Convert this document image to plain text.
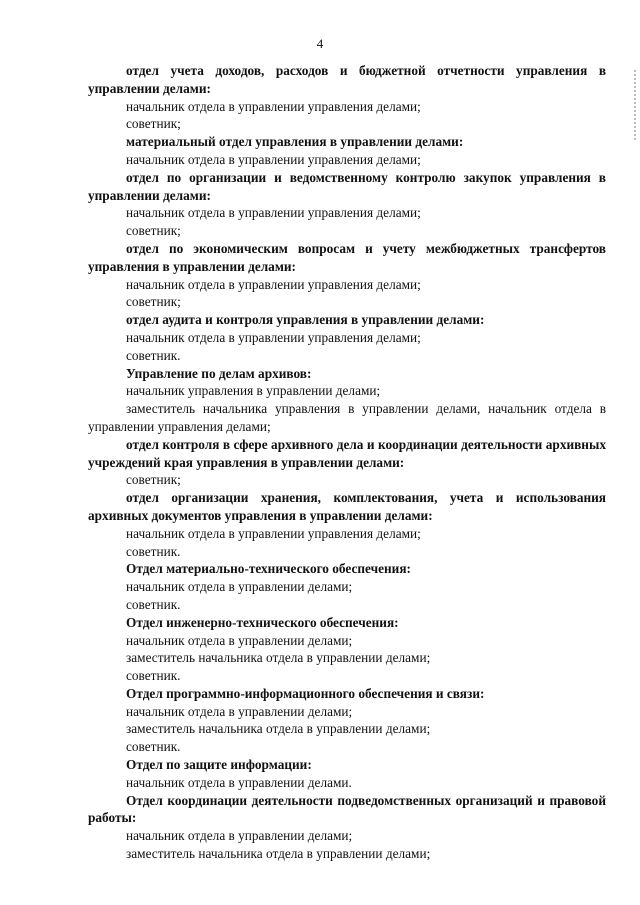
4

отдел учета доходов, расходов и бюджетной отчетности управления в управлении делами:

начальник отдела в управлении управления делами;

советник;

материальный отдел управления в управлении делами:

начальник отдела в управлении управления делами;

отдел по организации и ведомственному контролю закупок управления в управлении делами:

начальник отдела в управлении управления делами;

советник;

отдел по экономическим вопросам и учету межбюджетных трансфертов управления в управлении делами:

начальник отдела в управлении управления делами;

советник;

отдел аудита и контроля управления в управлении делами:

начальник отдела в управлении управления делами;

советник.

Управление по делам архивов:

начальник управления в управлении делами;

заместитель начальника управления в управлении делами, начальник отдела в управлении управления делами;

отдел контроля в сфере архивного дела и координации деятельности архивных учреждений края управления в управлении делами:

советник;

отдел организации хранения, комплектования, учета и использования архивных документов управления в управлении делами:

начальник отдела в управлении управления делами;

советник.

Отдел материально-технического обеспечения:

начальник отдела в управлении делами;

советник.

Отдел инженерно-технического обеспечения:

начальник отдела в управлении делами;

заместитель начальника отдела в управлении делами;

советник.

Отдел программно-информационного обеспечения и связи:

начальник отдела в управлении делами;

заместитель начальника отдела в управлении делами;

советник.

Отдел по защите информации:

начальник отдела в управлении делами.

Отдел координации деятельности подведомственных организаций и правовой работы:

начальник отдела в управлении делами;

заместитель начальника отдела в управлении делами;
